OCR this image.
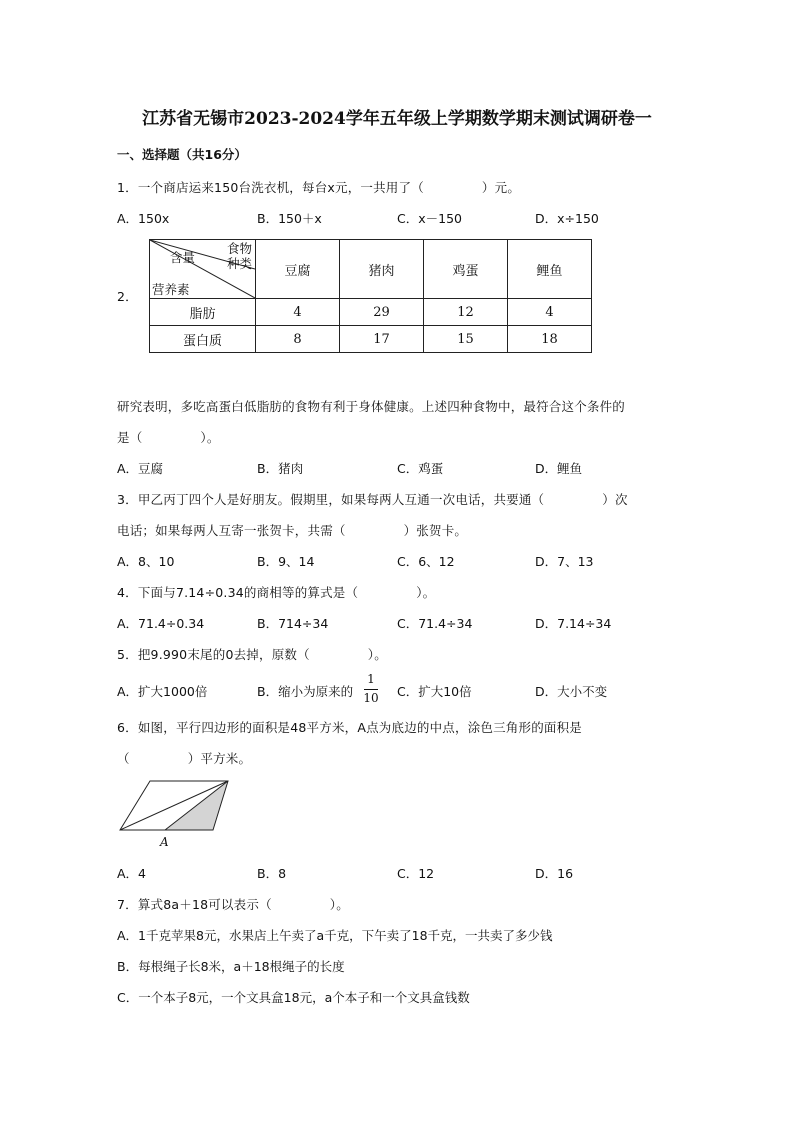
江苏省无锡市2023-2024学年五年级上学期数学期末测试调研卷一
一、选择题（共16分）
1．一个商店运来150台洗衣机，每台x元，一共用了（	）元。
A．150x	B．150＋x	C．x－150	D．x÷150
2．
食物
种类
含量
营养素	豆腐	猪肉	鸡蛋	鲤鱼
脂肪	4	29	12	4
蛋白质	8	17	15	18
研究表明，多吃高蛋白低脂肪的食物有利于身体健康。上述四种食物中，最符合这个条件的
是（	）。
A．豆腐	B．猪肉	C．鸡蛋	D．鲤鱼
3．甲乙丙丁四个人是好朋友。假期里，如果每两人互通一次电话，共要通（	）次
电话；如果每两人互寄一张贺卡，共需（	）张贺卡。
A．8、10	B．9、14	C．6、12	D．7、13
4．下面与7.14÷0.34的商相等的算式是（	）。
A．71.4÷0.34	B．714÷34	C．71.4÷34	D．7.14÷34
5．把9.990末尾的0去掉，原数（	）。
A．扩大1000倍	B．缩小为原来的
1
10 C．扩大10倍	D．大小不变
6．如图，平行四边形的面积是48平方米，A点为底边的中点，涂色三角形的面积是
（	）平方米。
A
A．4	B．8	C．12	D．16
7．算式8a＋18可以表示（	）。
A．1千克苹果8元，水果店上午卖了a千克，下午卖了18千克，一共卖了多少钱
B．每根绳子长8米，a＋18根绳子的长度
C．一个本子8元，一个文具盒18元，a个本子和一个文具盒钱数
